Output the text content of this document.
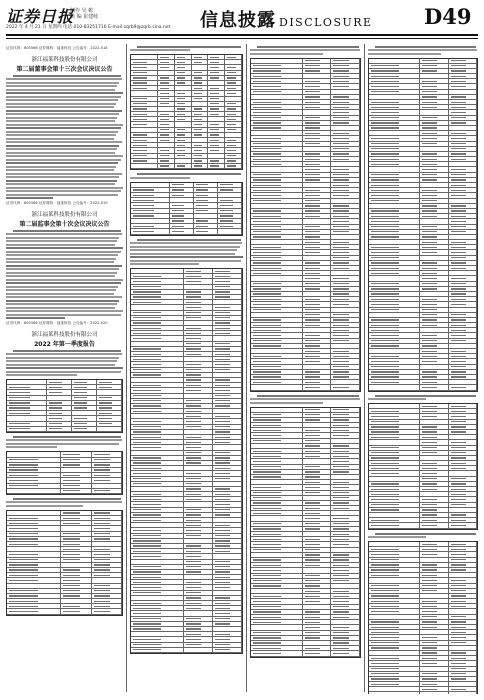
证券日报
制作 吴 彬
美 编 崔建岐
2022 年 4 月 21 日 星期四 电话 010-83251716 E-mail:zqrb9@zqrb.sina.net 信息披露 DISCLOSURE D49
证券代码：605566 证券简称：福莱科技 公告编号：2022-018
浙江福莱科技股份有限公司
第二届董事会第十三次会议决议公告
证券代码：605566 证券简称：福莱科技 公告编号：2022-019
浙江福莱科技股份有限公司
第二届监事会第十次会议决议公告
证券代码：605566 证券简称：福莱科技 公告编号：2022-020
浙江福莱科技股份有限公司
2022 年第一季度报告
